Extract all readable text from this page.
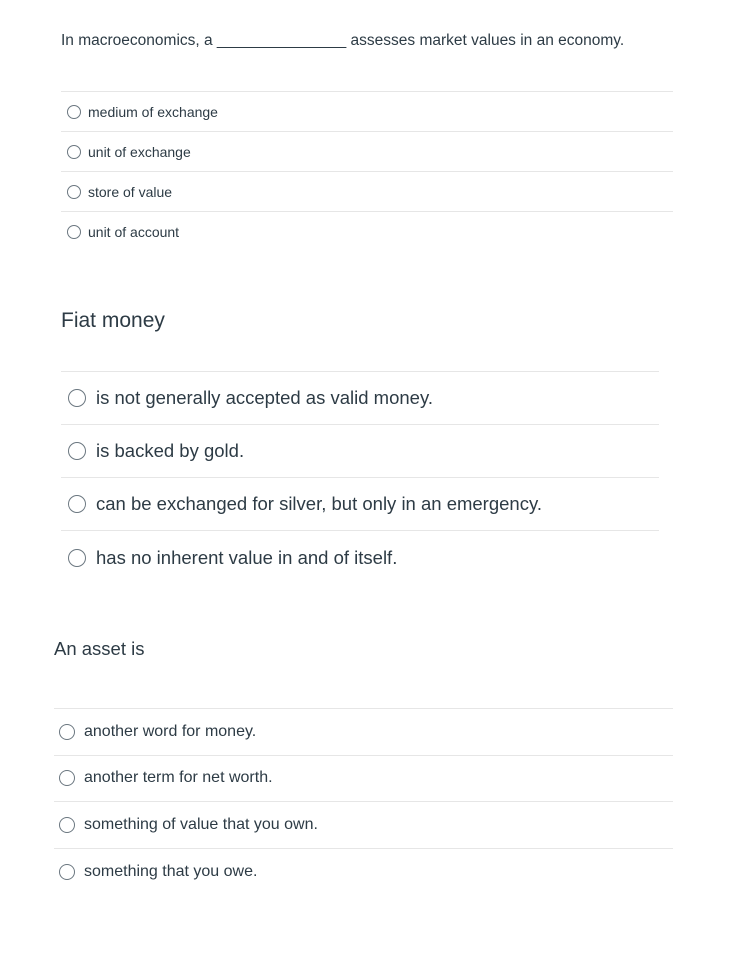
In macroeconomics, a _______________ assesses market values in an economy.
medium of exchange
unit of exchange
store of value
unit of account
Fiat money
is not generally accepted as valid money.
is backed by gold.
can be exchanged for silver, but only in an emergency.
has no inherent value in and of itself.
An asset is
another word for money.
another term for net worth.
something of value that you own.
something that you owe.
